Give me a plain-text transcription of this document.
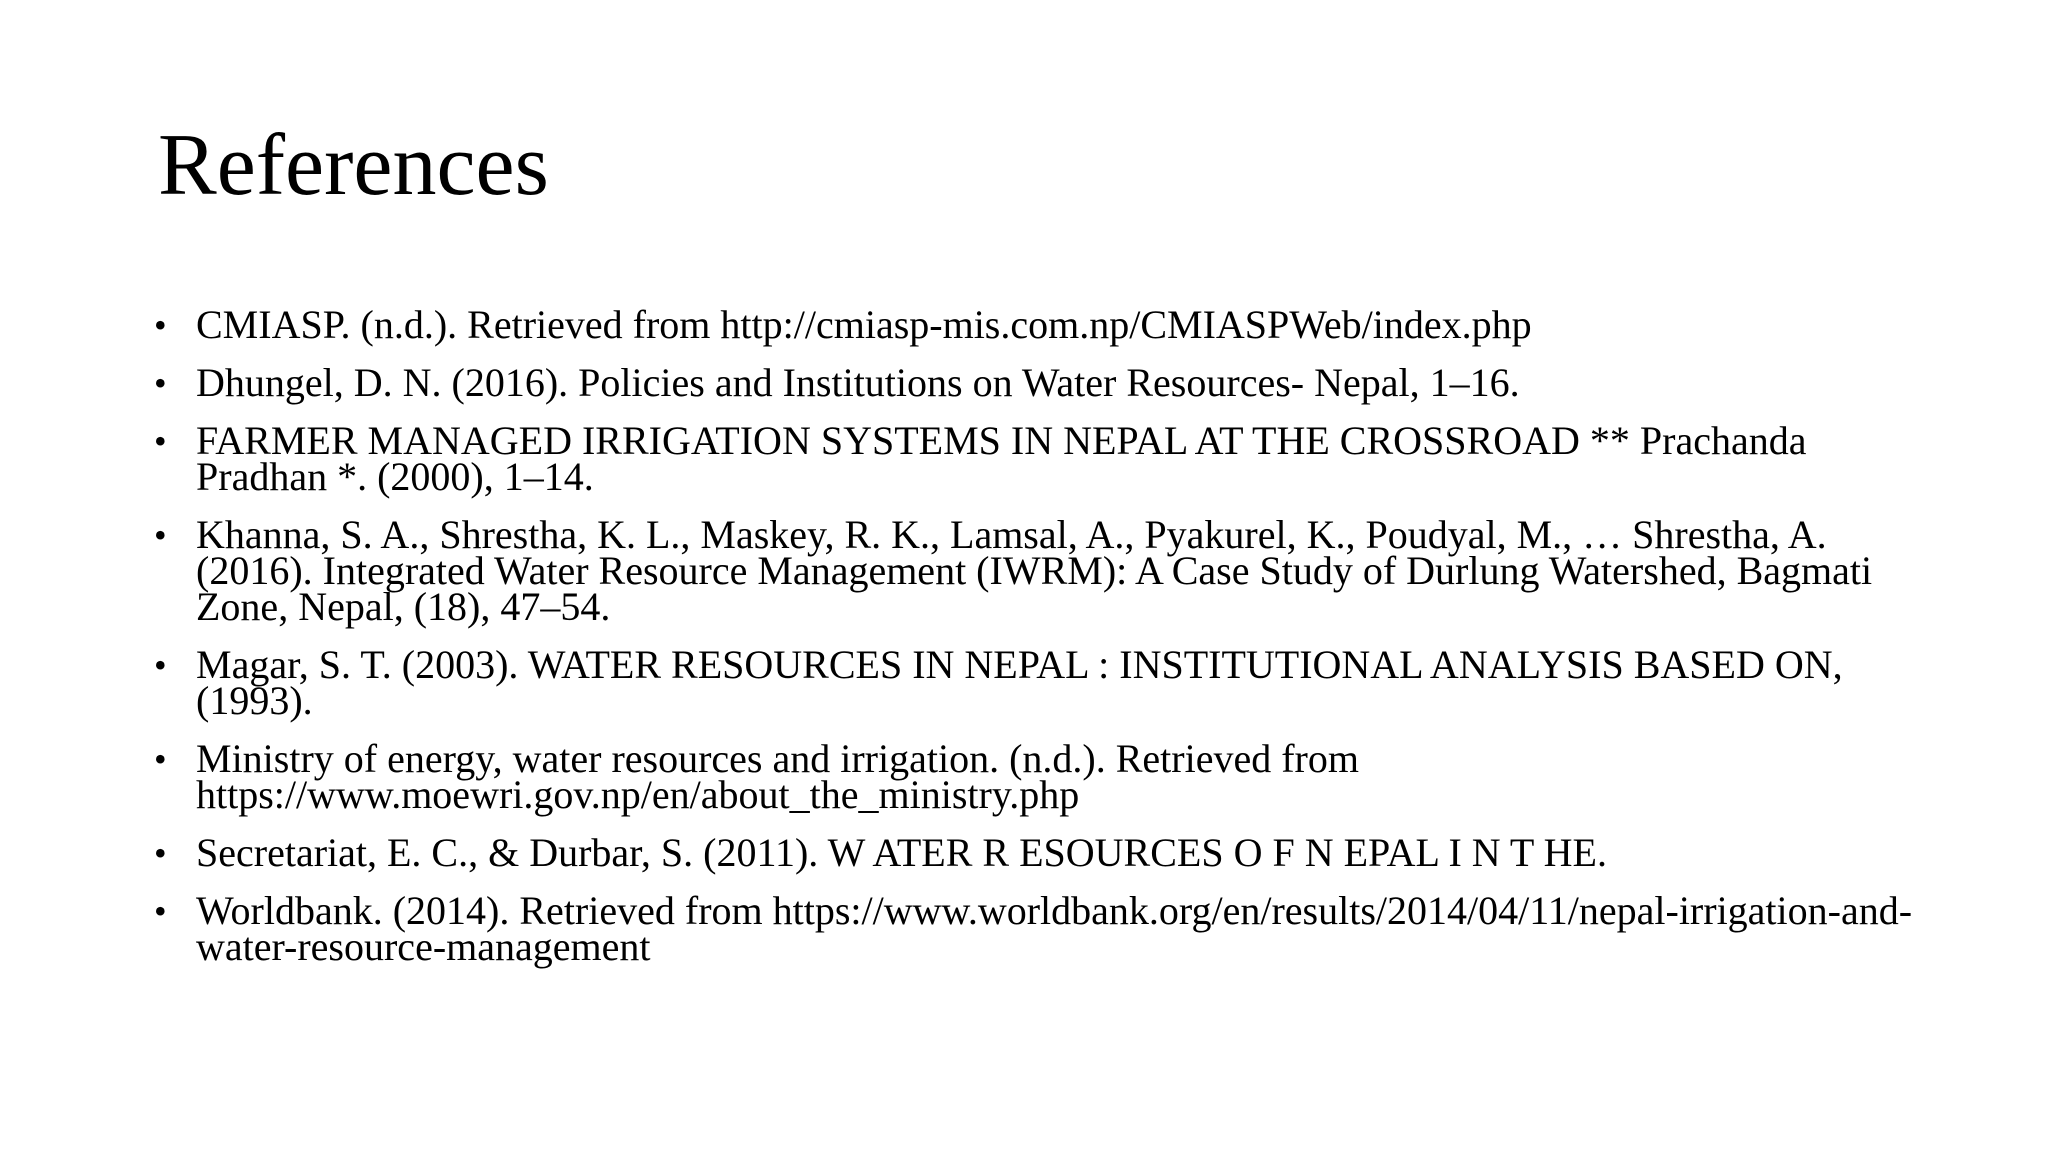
References
• CMIASP. (n.d.). Retrieved from http://cmiasp-mis.com.np/CMIASPWeb/index.php
• Dhungel, D. N. (2016). Policies and Institutions on Water Resources- Nepal, 1–16.
• FARMER MANAGED IRRIGATION SYSTEMS IN NEPAL AT THE CROSSROAD ** Prachanda Pradhan *. (2000), 1–14.
• Khanna, S. A., Shrestha, K. L., Maskey, R. K., Lamsal, A., Pyakurel, K., Poudyal, M., … Shrestha, A. (2016). Integrated Water Resource Management (IWRM): A Case Study of Durlung Watershed, Bagmati Zone, Nepal, (18), 47–54.
• Magar, S. T. (2003). WATER RESOURCES IN NEPAL : INSTITUTIONAL ANALYSIS BASED ON, (1993).
• Ministry of energy, water resources and irrigation. (n.d.). Retrieved from https://www.moewri.gov.np/en/about_the_ministry.php
• Secretariat, E. C., & Durbar, S. (2011). W ATER R ESOURCES O F N EPAL I N T HE.
• Worldbank. (2014). Retrieved from https://www.worldbank.org/en/results/2014/04/11/nepal-irrigation-and-water-resource-management
